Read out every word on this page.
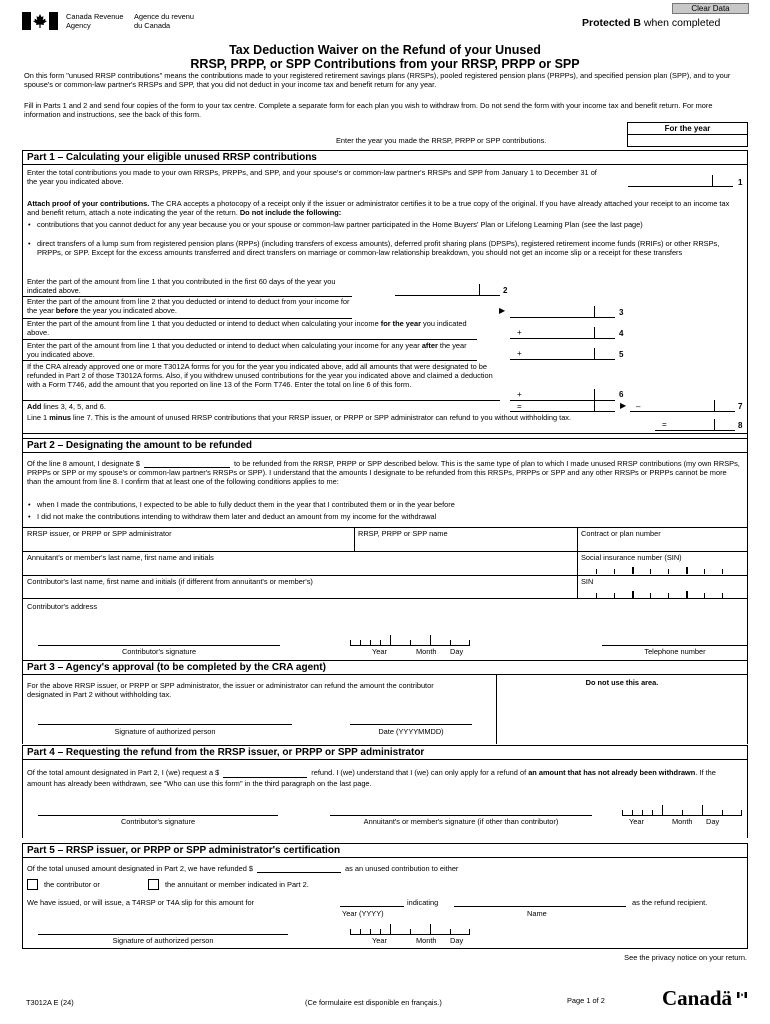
Canada Revenue
Agency
Agence du revenu
du Canada
Clear Data
Protected B when completed
Tax Deduction Waiver on the Refund of your Unused
RRSP, PRPP, or SPP Contributions from your RRSP, PRPP or SPP
On this form "unused RRSP contributions" means the contributions made to your registered retirement savings plans (RRSPs), pooled registered pension plans (PRPPs), and specified pension plan (SPP), and to your spouse's or common-law partner's RRSPs and SPP, that you did not deduct in your income tax and benefit return for any year.
Fill in Parts 1 and 2 and send four copies of the form to your tax centre. Complete a separate form for each plan you wish to withdraw from. Do not send the form with your income tax and benefit return. For more information and instructions, see the back of this form.
For the year
Enter the year you made the RRSP, PRPP or SPP contributions.
Part 1 – Calculating your eligible unused RRSP contributions
Enter the total contributions you made to your own RRSPs, PRPPs, and SPP, and your spouse's or common-law partner's RRSPs and SPP from January 1 to December 31 of the year you indicated above.	1
Attach proof of your contributions. The CRA accepts a photocopy of a receipt only if the issuer or administrator certifies it to be a true copy of the original. If you have already attached your receipt to an income tax and benefit return, attach a note indicating the year of the return. Do not include the following:
• contributions that you cannot deduct for any year because you or your spouse or common-law partner participated in the Home Buyers' Plan or Lifelong Learning Plan (see the last page)
• direct transfers of a lump sum from registered pension plans (RPPs) (including transfers of excess amounts), deferred profit sharing plans (DPSPs), registered retirement income funds (RRIFs) or other RRSPs, PRPPs, or SPP. Except for the excess amounts transferred and direct transfers on marriage or common-law relationship breakdown, you should not get an income slip or a receipt for these transfers
Enter the part of the amount from line 1 that you contributed in the first 60 days of the year you indicated above.	2
Enter the part of the amount from line 2 that you deducted or intend to deduct from your income for the year before the year you indicated above.	▶	3
Enter the part of the amount from line 1 that you deducted or intend to deduct when calculating your income for the year you indicated above.	+	4
Enter the part of the amount from line 1 that you deducted or intend to deduct when calculating your income for any year after the year you indicated above.	+	5
If the CRA already approved one or more T3012A forms for you for the year you indicated above, add all amounts that were designated to be refunded in Part 2 of those T3012A forms. Also, if you withdrew unused contributions for the year you indicated above and claimed a deduction with a Form T746, add the amount that you reported on line 13 of the Form T746. Enter the total on line 6 of this form.
+	6
Add lines 3, 4, 5, and 6.	=	▶ –	7
Line 1 minus line 7. This is the amount of unused RRSP contributions that your RRSP issuer, or PRPP or SPP administrator can refund to you without withholding tax.
=	8
Part 2 – Designating the amount to be refunded
Of the line 8 amount, I designate $	to be refunded from the RRSP, PRPP or SPP described below. This is the same type of plan to which I made unused RRSP contributions (my own RRSPs, PRPPs or SPP or my spouse's or common-law partner's RRSPs or SPP). I understand that the amounts I designate to be refunded from this RRSPs, PRPPs or SPP and any other RRSPs or PRPPs cannot be more than the amount from line 8. I confirm that at least one of the following conditions applies to me:
• when I made the contributions, I expected to be able to fully deduct them in the year that I contributed them or in the year before
• I did not make the contributions intending to withdraw them later and deduct an amount from my income for the withdrawal
RRSP issuer, or PRPP or SPP administrator	RRSP, PRPP or SPP name	Contract or plan number
Annuitant's or member's last name, first name and initials	Social insurance number (SIN)
Contributor's last name, first name and initials (if different from annuitant's or member's)	SIN
Contributor's address
Contributor's signature	Year	Month Day	Telephone number
Part 3 – Agency's approval (to be completed by the CRA agent)
For the above RRSP issuer, or PRPP or SPP administrator, the issuer or administrator can refund the amount the contributor designated in Part 2 without withholding tax.
Do not use this area.
Signature of authorized person	Date (YYYYMMDD)
Part 4 – Requesting the refund from the RRSP issuer, or PRPP or SPP administrator
Of the total amount designated in Part 2, I (we) request a $	refund. I (we) understand that I (we) can only apply for a refund of an amount that has not already been withdrawn. If the amount has already been withdrawn, see "Who can use this form" in the third paragraph on the last page.
Contributor's signature	Annuitant's or member's signature (if other than contributor)	Year	Month Day
Part 5 – RRSP issuer, or PRPP or SPP administrator's certification
Of the total unused amount designated in Part 2, we have refunded $	as an unused contribution to either
the contributor or	the annuitant or member indicated in Part 2.
We have issued, or will issue, a T4RSP or T4A slip for this amount for	indicating	as the refund recipient.
Year (YYYY)	Name
Signature of authorized person	Year	Month Day
See the privacy notice on your return.
T3012A E (24)	(Ce formulaire est disponible en français.)	Page 1 of 2	Canadä
